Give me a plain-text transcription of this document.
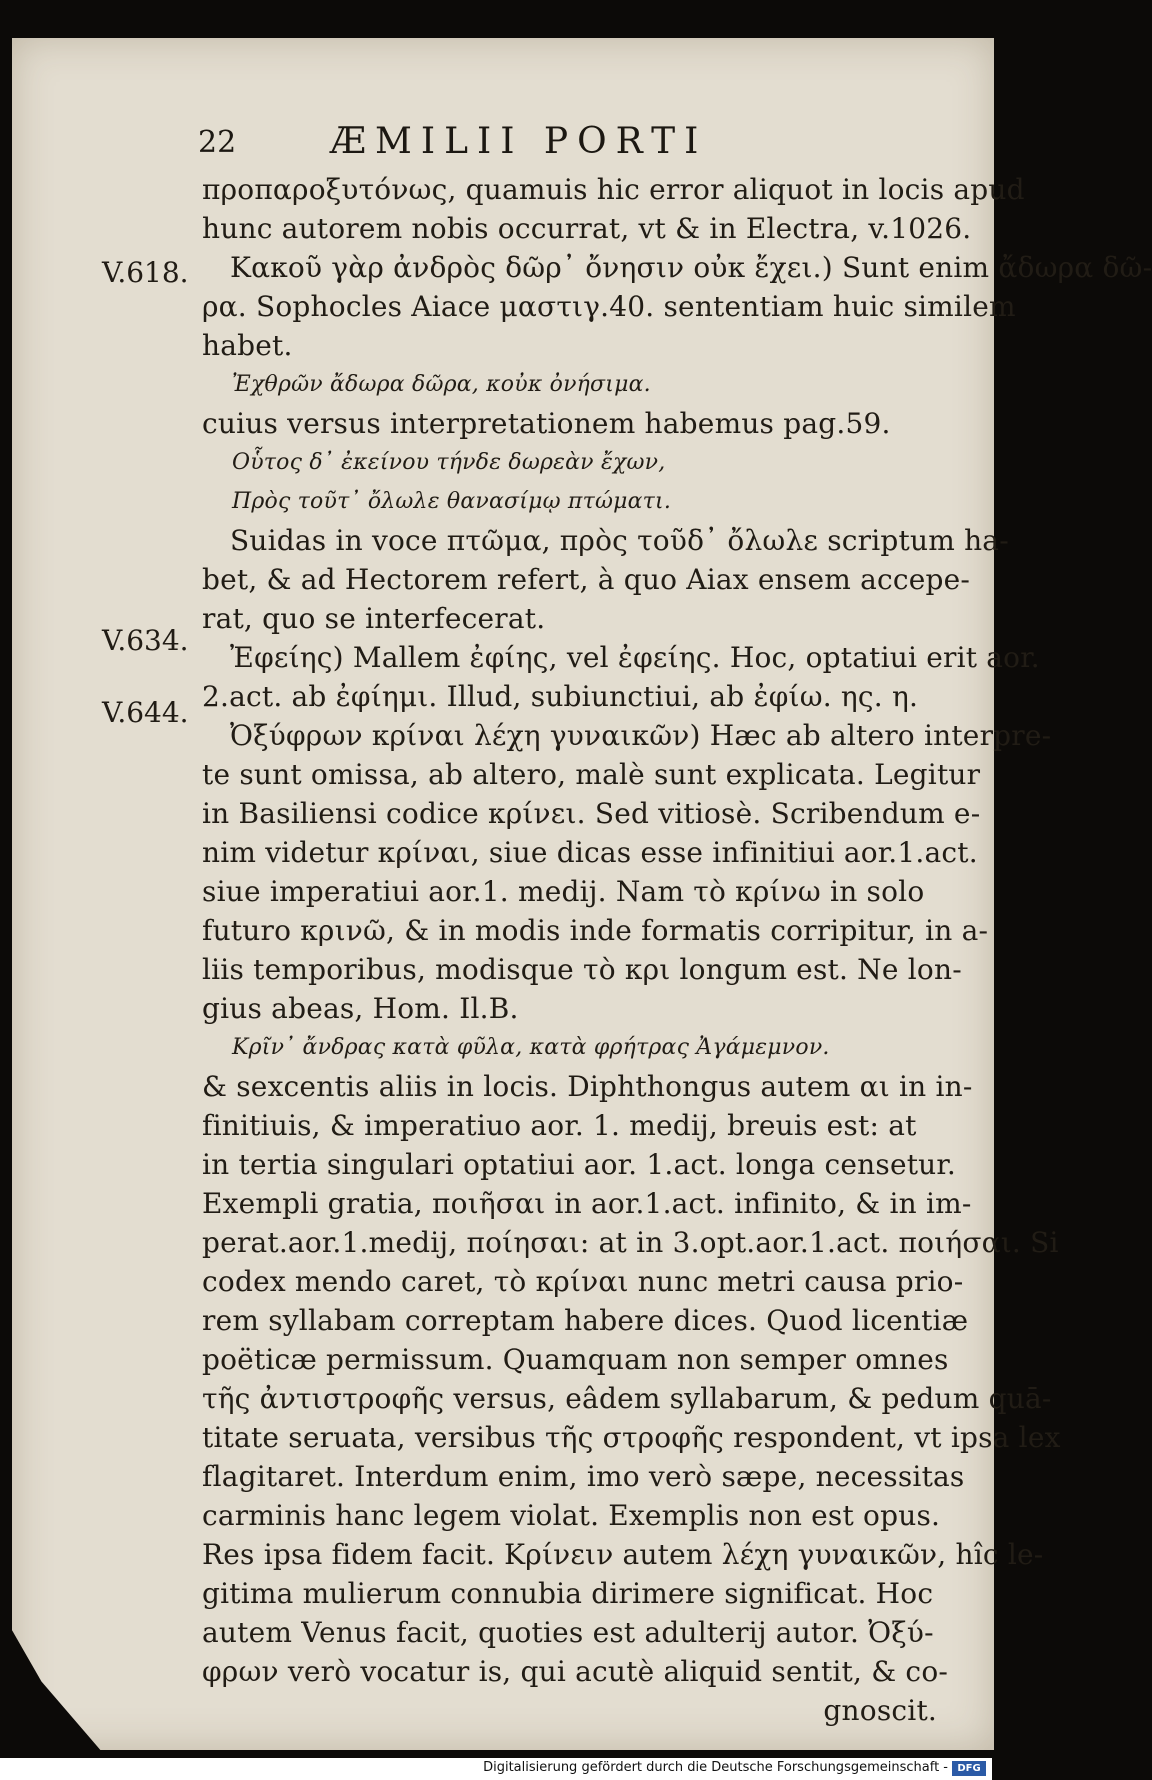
22	ÆMILII PORTI
V.618.
V.634.
V.644.
προπαροξυτόνως, quamuis hic error aliquot in locis apud
hunc autorem nobis occurrat, vt & in Electra, v.1026.
Κακοῦ γὰρ ἀνδρὸς δῶρ᾽ ὄνησιν οὐκ ἔχει.) Sunt enim ἄδωρα δῶ-
ρα. Sophocles Aiace μαστιγ.40. sententiam huic similem
habet.
Ἐχθρῶν ἄδωρα δῶρα, κοὐκ ὀνήσιμα.
cuius versus interpretationem habemus pag.59.
Οὗτος δ᾽ ἐκείνου τήνδε δωρεὰν ἔχων,
Πρὸς τοῦτ᾽ ὄλωλε θανασίμῳ πτώματι.
Suidas in voce πτῶμα, πρὸς τοῦδ᾽ ὄλωλε scriptum ha-
bet, & ad Hectorem refert, à quo Aiax ensem accepe-
rat, quo se interfecerat.
Ἐφείης) Mallem ἐφίης, vel ἐφείης. Hoc, optatiui erit aor.
2.act. ab ἐφίημι. Illud, subiunctiui, ab ἐφίω. ης. η.
Ὀξύφρων κρίναι λέχη γυναικῶν) Hæc ab altero interpre-
te sunt omissa, ab altero, malè sunt explicata. Legitur
in Basiliensi codice κρίνει. Sed vitiosè. Scribendum e-
nim videtur κρίναι, siue dicas esse infinitiui aor.1.act.
siue imperatiui aor.1. medij. Nam τὸ κρίνω in solo
futuro κρινῶ, & in modis inde formatis corripitur, in a-
liis temporibus, modisque τὸ κρι longum est. Ne lon-
gius abeas, Hom. Il.B.
Κρῖν᾽ ἄνδρας κατὰ φῦλα, κατὰ φρήτρας Ἀγάμεμνον.
& sexcentis aliis in locis. Diphthongus autem αι in in-
finitiuis, & imperatiuo aor. 1. medij, breuis est: at
in tertia singulari optatiui aor. 1.act. longa censetur.
Exempli gratia, ποιῆσαι in aor.1.act. infinito, & in im-
perat.aor.1.medij, ποίησαι: at in 3.opt.aor.1.act. ποιήσαι. Si
codex mendo caret, τὸ κρίναι nunc metri causa prio-
rem syllabam correptam habere dices. Quod licentiæ
poëticæ permissum. Quamquam non semper omnes
τῆς ἀντιστροφῆς versus, eâdem syllabarum, & pedum quā-
titate seruata, versibus τῆς στροφῆς respondent, vt ipsa lex
flagitaret. Interdum enim, imo verò sæpe, necessitas
carminis hanc legem violat. Exemplis non est opus.
Res ipsa fidem facit. Κρίνειν autem λέχη γυναικῶν, hîc le-
gitima mulierum connubia dirimere significat. Hoc
autem Venus facit, quoties est adulterij autor. Ὀξύ-
φρων verò vocatur is, qui acutè aliquid sentit, & co-
gnoscit.
Digitalisierung gefördert durch die Deutsche Forschungsgemeinschaft - DFG
